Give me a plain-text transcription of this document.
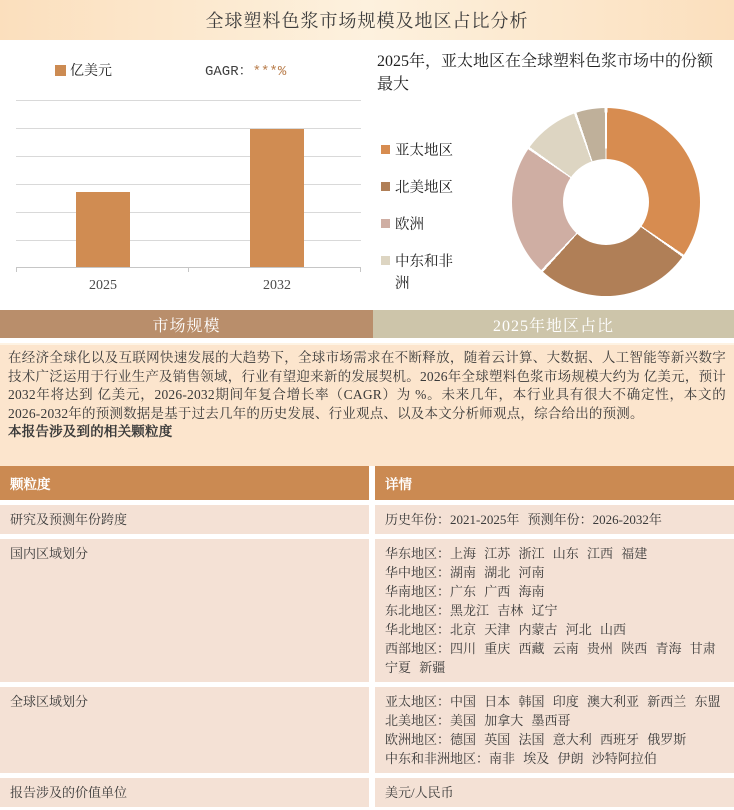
全球塑料色浆市场规模及地区占比分析
亿美元	GAGR：***%
2025	2032
2025年，亚太地区在全球塑料色浆市场中的份额最大
亚太地区
北美地区
欧洲
中东和非洲
市场规模	2025年地区占比

在经济全球化以及互联网快速发展的大趋势下，全球市场需求在不断释放，随着云计算、大数据、人工智能等新兴数字技术广泛运用于行业生产及销售领域，行业有望迎来新的发展契机。2026年全球塑料色浆市场规模大约为 亿美元，预计2032年将达到 亿美元，2026-2032期间年复合增长率（CAGR）为 %。未来几年，本行业具有很大不确定性，本文的2026-2032年的预测数据是基于过去几年的历史发展、行业观点、以及本文分析师观点，综合给出的预测。

本报告涉及到的相关颗粒度

颗粒度	详情
研究及预测年份跨度	历史年份：2021-2025年 预测年份：2026-2032年
国内区域划分	华东地区：上海 江苏 浙江 山东 江西 福建
华中地区：湖南 湖北 河南
华南地区：广东 广西 海南
东北地区：黑龙江 吉林 辽宁
华北地区：北京 天津 内蒙古 河北 山西
西部地区：四川 重庆 西藏 云南 贵州 陕西 青海 甘肃 宁夏 新疆
全球区域划分	亚太地区：中国 日本 韩国 印度 澳大利亚 新西兰 东盟
北美地区：美国 加拿大 墨西哥
欧洲地区：德国 英国 法国 意大利 西班牙 俄罗斯
中东和非洲地区：南非 埃及 伊朗 沙特阿拉伯
报告涉及的价值单位	美元/人民币
